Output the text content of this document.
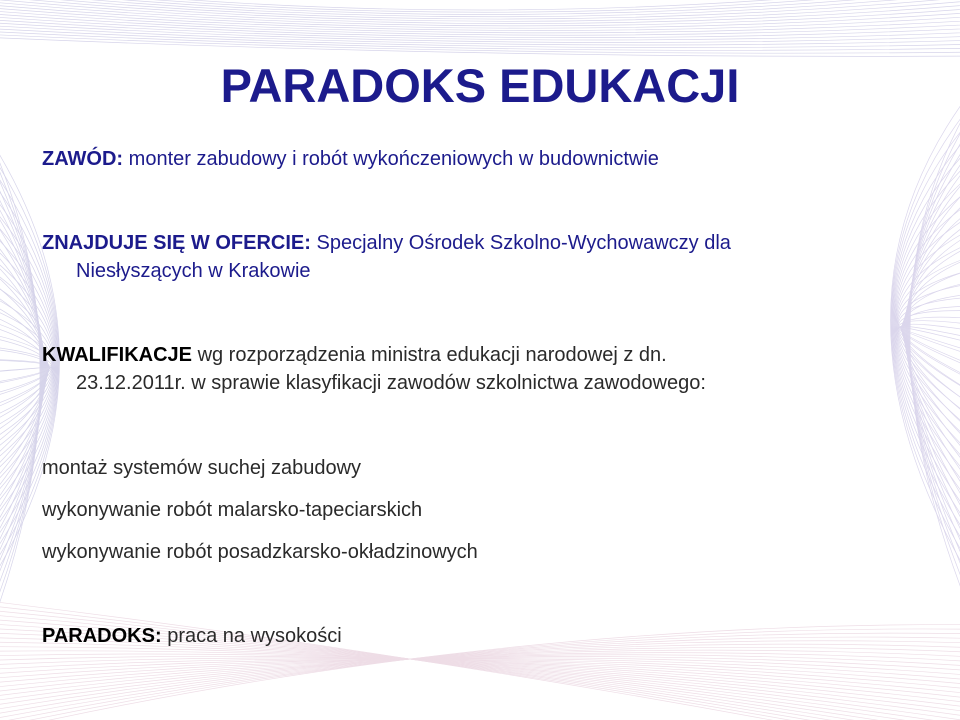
PARADOKS EDUKACJI
ZAWÓD: monter zabudowy i robót wykończeniowych w budownictwie
ZNAJDUJE SIĘ W OFERCIE: Specjalny Ośrodek Szkolno-Wychowawczy dla
Niesłyszących w Krakowie
KWALIFIKACJE wg rozporządzenia ministra edukacji narodowej z dn.
23.12.2011r. w sprawie klasyfikacji zawodów szkolnictwa zawodowego:
montaż systemów suchej zabudowy
wykonywanie robót malarsko-tapeciarskich
wykonywanie robót posadzkarsko-okładzinowych
PARADOKS: praca na wysokości
